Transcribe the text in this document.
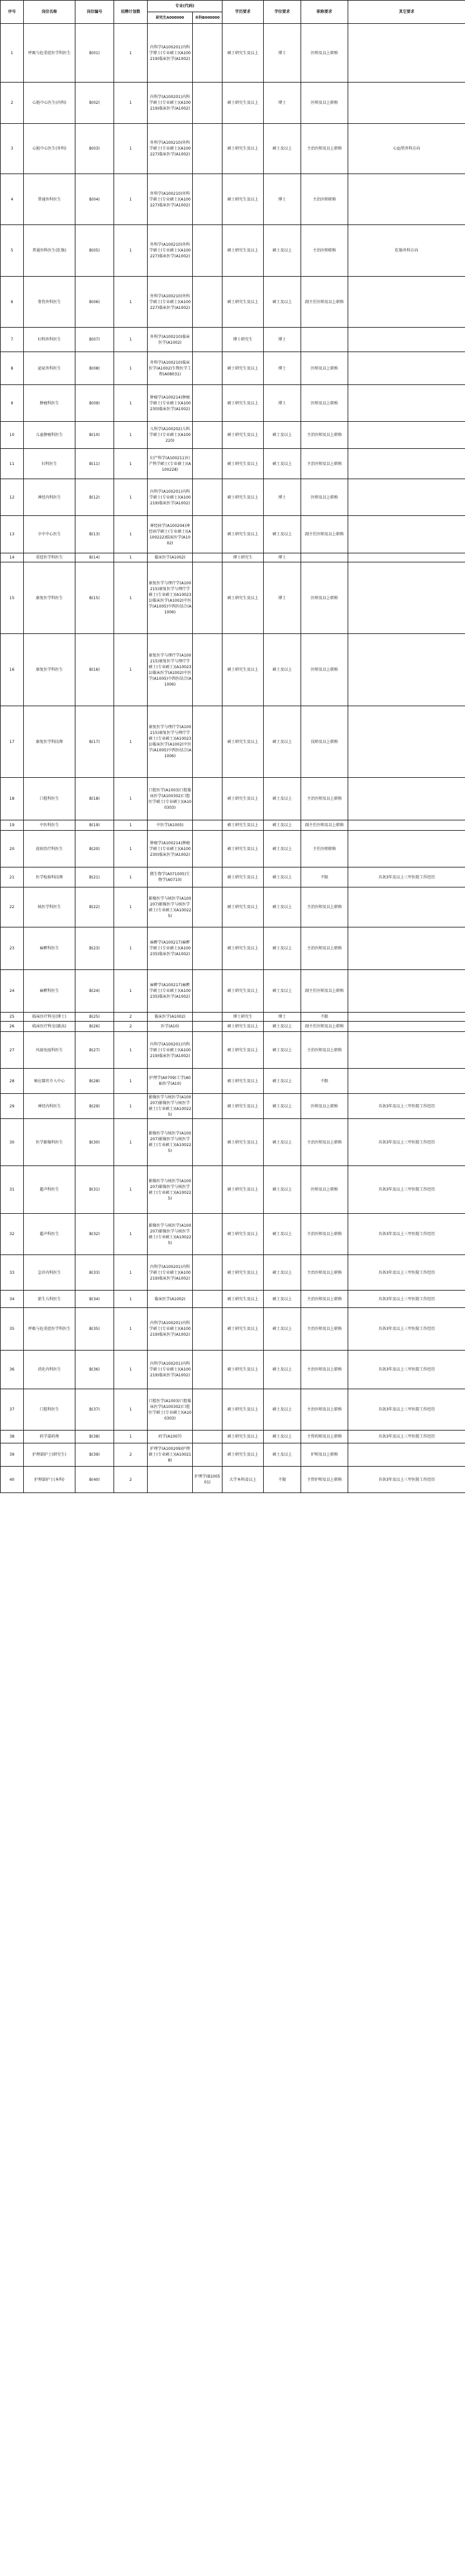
序号	岗位名称	岗位编号	招聘计划数	专业(代码)		学历要求	学位要求	职称要求	其它要求
				研究生A000000	本科B000000				
1	呼吸与危重症医学科医生	B(01)	1	内科学(A100201)内科学博士(专业硕士)(A100219)临床医学(A1002)		硕士研究生及以上	博士	医师及以上职称	
2	心脏中心医生(内科)	B(02)	1	内科学(A100201)内科学硕士(专业硕士)(A100219)临床医学(A1002)		硕士研究生及以上	博士	医师及以上职称	
3	心脏中心医生(外科)	B(03)	1	外科学(A100210)外科学硕士(专业硕士)(A100227)临床医学(A1002)		硕士研究生及以上	硕士及以上	主治医师及以上职称	心血管外科方向
4	普通外科医生	B(04)	1	外科学(A100210)外科学硕士(专业硕士)(A100227)临床医学(A1002)		硕士研究生及以上	博士	主治医师职称	
5	普通外科医生(肛肠)	B(05)	1	外科学(A100210)外科学硕士(专业硕士)(A100227)临床医学(A1002)		硕士研究生及以上	硕士及以上	主治医师职称	肛肠外科方向
6	骨伤外科医生	B(06)	1	外科学(A100210)外科学硕士(专业硕士)(A100227)临床医学(A1002)		硕士研究生及以上	硕士及以上	副主任医师及以上职称	
7	妇科外科医生	B(07)	1	外科学(A100210)临床医学(A1002)		博士研究生	博士		
8	泌尿外科医生	B(08)	1	外科学(A100210)临床医学(A1002)生物医学工程(A08031)		硕士研究生及以上	博士	医师及以上职称	
9	肿瘤科医生	B(09)	1	肿瘤学(A100214)肿瘤学硕士(专业硕士)(A100230)临床医学(A1002)		硕士研究生及以上	博士	医师及以上职称	
10	儿童肿瘤科医生	B(10)	1	儿科学(A100202)儿科学硕士(专业硕士)(A100220)		硕士研究生及以上	硕士及以上	主治医师及以上职称	
11	妇科医生	B(11)	1	妇产科学(A100211)妇产科学硕士(专业硕士)(A100228)		硕士研究生及以上	硕士及以上	主治医师及以上职称	
12	神经内科医生	B(12)	1	内科学(A100201)内科学硕士(专业硕士)(A100219)临床医学(A1002)		硕士研究生及以上	博士	医师及以上职称	
13	卒中中心医生	B(13)	1	神经病学(A100204)神经病学硕士(专业硕士)(A100222)临床医学(A1002)		硕士研究生及以上	硕士及以上	副主任医师及以上职称	
14	重症医学科医生	B(14)	1	临床医学(A1002)		博士研究生	博士		
15	康复医学科医生	B(15)	1	康复医学与理疗学(A100215)康复医学与理疗学硕士(专业硕士)(A100231)临床医学(A1002)中医学(A1005)中西医结合(A1006)		硕士研究生及以上	博士	医师及以上职称	
16	康复医学科医生	B(16)	1	康复医学与理疗学(A100215)康复医学与理疗学硕士(专业硕士)(A100231)临床医学(A1002)中医学(A1005)中西医结合(A1006)		硕士研究生及以上	硕士及以上	医师及以上职称	
17	康复医学科技师	B(17)	1	康复医学与理疗学(A100215)康复医学与理疗学硕士(专业硕士)(A100231)临床医学(A1002)中医学(A1005)中西医结合(A1006)		硕士研究生及以上	硕士及以上	技师及以上职称	
18	口腔科医生	B(18)	1	口腔医学(A1003)口腔临床医学(A100302)口腔医学硕士(专业硕士)(A100303)		硕士研究生及以上	硕士及以上	主治医师及以上职称	
19	中医科医生	B(19)	1	中医学(A1005)		硕士研究生及以上	硕士及以上	副主任医师及以上职称	
20	放射治疗科医生	B(20)	1	肿瘤学(A100214)肿瘤学硕士(专业硕士)(A100230)临床医学(A1002)		硕士研究生及以上	硕士及以上	主任医师职称	
21	医学检验科技师	B(21)	1	微生物学(A071005)生物学(A0710)		硕士研究生及以上	硕士及以上	不限	具备3年及以上三甲医院工作经历
22	核医学科医生	B(22)	1	影像医学与核医学(A100207)影像医学与核医学硕士(专业硕士)(A100225)		硕士研究生及以上	硕士及以上	主治医师及以上职称	
23	麻醉科医生	B(23)	1	麻醉学(A100217)麻醉学硕士(专业硕士)(A100235)临床医学(A1002)		硕士研究生及以上	硕士及以上	主治医师及以上职称	
24	麻醉科医生	B(24)	1	麻醉学(A100217)麻醉学硕士(专业硕士)(A100235)临床医学(A1002)		硕士研究生及以上	硕士及以上	副主任医师及以上职称	
25	临床医疗科室(博士)	B(25)	2	临床医学(A1002)		博士研究生	博士	不限	
26	临床医疗科室(副高)	B(26)	2	医学(A10)		硕士研究生及以上	硕士及以上	副主任医师及以上职称	
27	风湿免疫科医生	B(27)	1	内科学(A100201)内科学硕士(专业硕士)(A100219)临床医学(A1002)		硕士研究生及以上	硕士及以上	主治医师及以上职称	
28	响应器官介入中心	B(28)	1	护理学(A0709)工学(A08)医学(A10)		硕士研究生及以上	硕士及以上	不限	
29	神经内科医生	B(29)	1	影像医学与核医学(A100207)影像医学与核医学硕士(专业硕士)(A100225)		硕士研究生及以上	硕士及以上	医师及以上职称	具备3年及以上三甲医院工作经历
30	医学影像科医生	B(30)	1	影像医学与核医学(A100207)影像医学与核医学硕士(专业硕士)(A100225)		硕士研究生及以上	硕士及以上	主治医师及以上职称	具备3年及以上三甲医院工作经历
31	超声科医生	B(31)	1	影像医学与核医学(A100207)影像医学与核医学硕士(专业硕士)(A100225)		硕士研究生及以上	硕士及以上	医师及以上职称	具备3年及以上三甲医院工作经历
32	超声科医生	B(32)	1	影像医学与核医学(A100207)影像医学与核医学硕士(专业硕士)(A100225)		硕士研究生及以上	硕士及以上	主治医师及以上职称	具备3年及以上三甲医院工作经历
33	急诊内科医生	B(33)	1	内科学(A100201)内科学硕士(专业硕士)(A100219)临床医学(A1002)		硕士研究生及以上	硕士及以上	主治医师及以上职称	具备3年及以上三甲医院工作经历
34	新生儿科医生	B(34)	1	临床医学(A1002)		硕士研究生及以上	硕士及以上	主治医师及以上职称	具备3年及以上三甲医院工作经历
35	呼吸与危重症医学科医生	B(35)	1	内科学(A100201)内科学硕士(专业硕士)(A100219)临床医学(A1002)		硕士研究生及以上	硕士及以上	主治医师及以上职称	具备3年及以上三甲医院工作经历
36	消化内科医生	B(36)	1	内科学(A100201)内科学硕士(专业硕士)(A100219)临床医学(A1002)		硕士研究生及以上	硕士及以上	主治医师及以上职称	具备3年及以上三甲医院工作经历
37	口腔科医生	B(37)	1	口腔医学(A1003)口腔临床医学(A100302)口腔医学硕士(专业硕士)(A100303)		硕士研究生及以上	硕士及以上	主治医师及以上职称	具备3年及以上三甲医院工作经历
38	药学部药师	B(38)	1	药学(A1007)		硕士研究生及以上	硕士及以上	主管药师及以上职称	具备3年及以上三甲医院工作经历
39	护理部护士(研究生)	B(39)	2	护理学(A100209)护理硕士(专业硕士)(A100218)		硕士研究生及以上	硕士及以上	护师及以上职称	
40	护理部护士(本科)	B(40)	2		护理学(B100501)	大学本科及以上	不限	主管护师及以上职称	具备3年及以上三甲医院工作经历
